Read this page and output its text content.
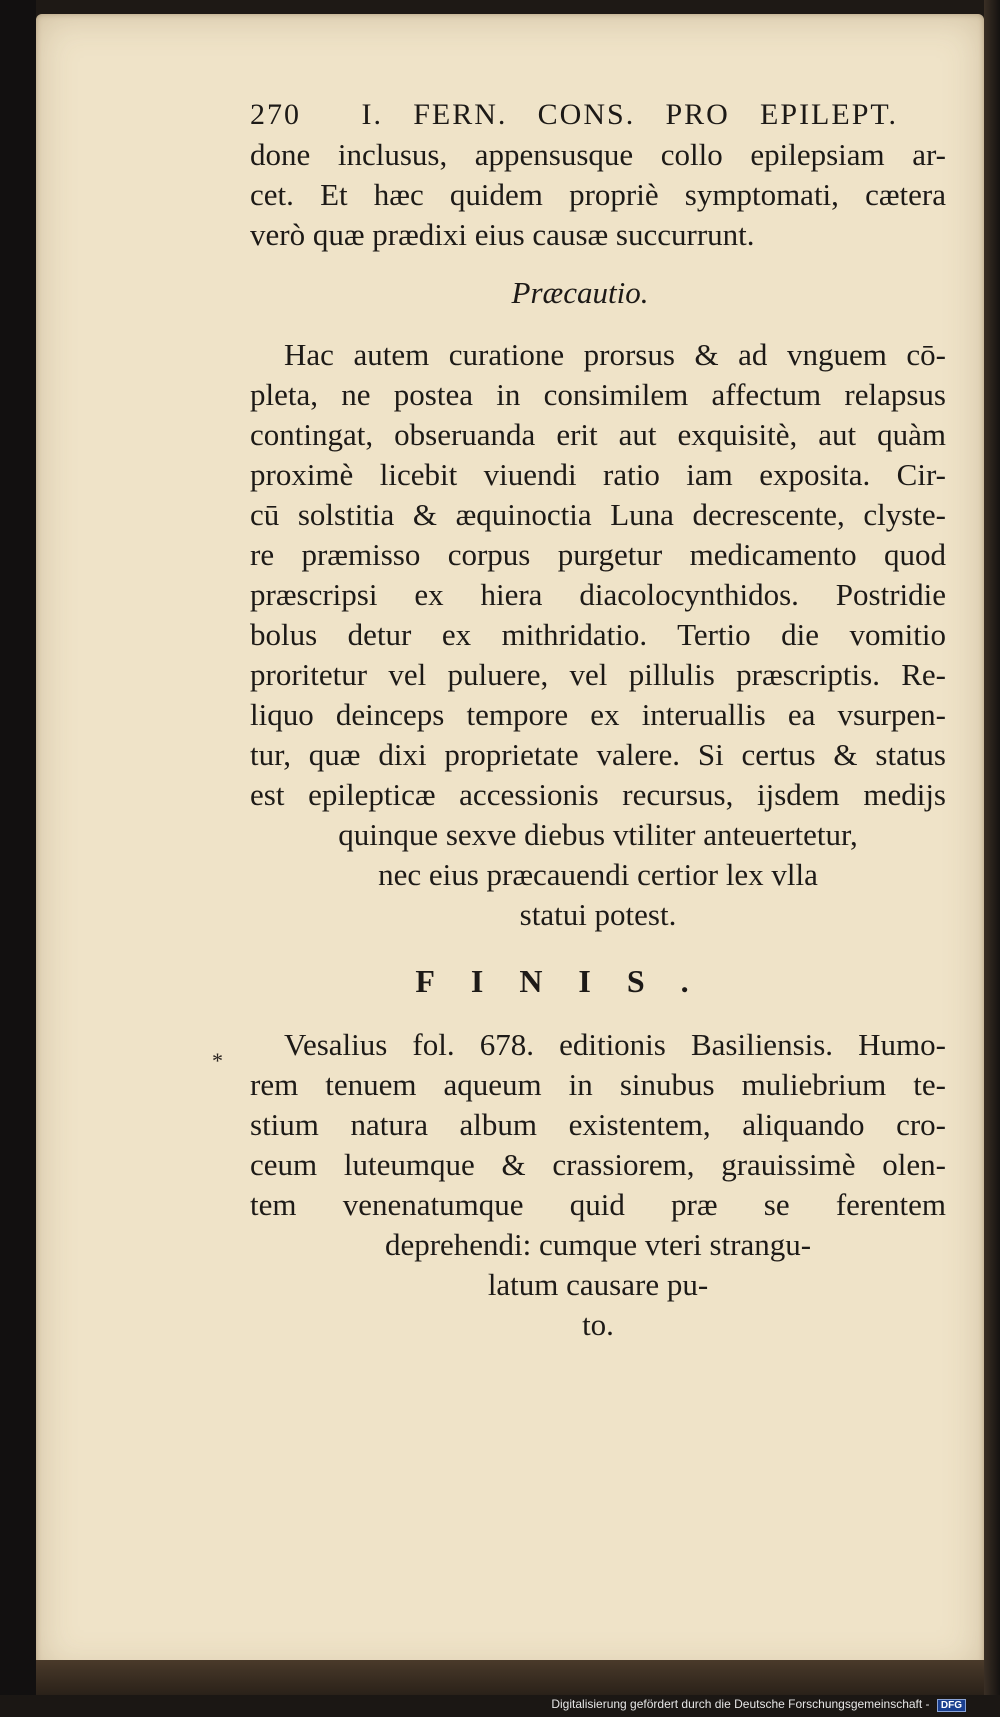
270 I. FERN. CONS. PRO EPILEPT.
done inclusus, appensusque collo epilepsiam ar-
cet. Et hæc quidem propriè symptomati, cætera
verò quæ prædixi eius causæ succurrunt.
Præcautio.
Hac autem curatione prorsus & ad vnguem cō-
pleta, ne postea in consimilem affectum relapsus
contingat, obseruanda erit aut exquisitè, aut quàm
proximè licebit viuendi ratio iam exposita. Cir-
cū solstitia & æquinoctia Luna decrescente, clyste-
re præmisso corpus purgetur medicamento quod
præscripsi ex hiera diacolocynthidos. Postridie
bolus detur ex mithridatio. Tertio die vomitio
proritetur vel puluere, vel pillulis præscriptis. Re-
liquo deinceps tempore ex interuallis ea vsurpen-
tur, quæ dixi proprietate valere. Si certus & status
est epilepticæ accessionis recursus, ijsdem medijs
quinque sexve diebus vtiliter anteuertetur,
nec eius præcauendi certior lex vlla
statui potest.
FINIS.
Vesalius fol. 678. editionis Basiliensis. Humo-
rem tenuem aqueum in sinubus muliebrium te-
stium natura album existentem, aliquando cro-
ceum luteumque & crassiorem, grauissimè olen-
tem venenatumque quid præ se ferentem
deprehendi: cumque vteri strangu-
latum causare pu-
to.
*
Digitalisierung gefördert durch die Deutsche Forschungsgemeinschaft - DFG
